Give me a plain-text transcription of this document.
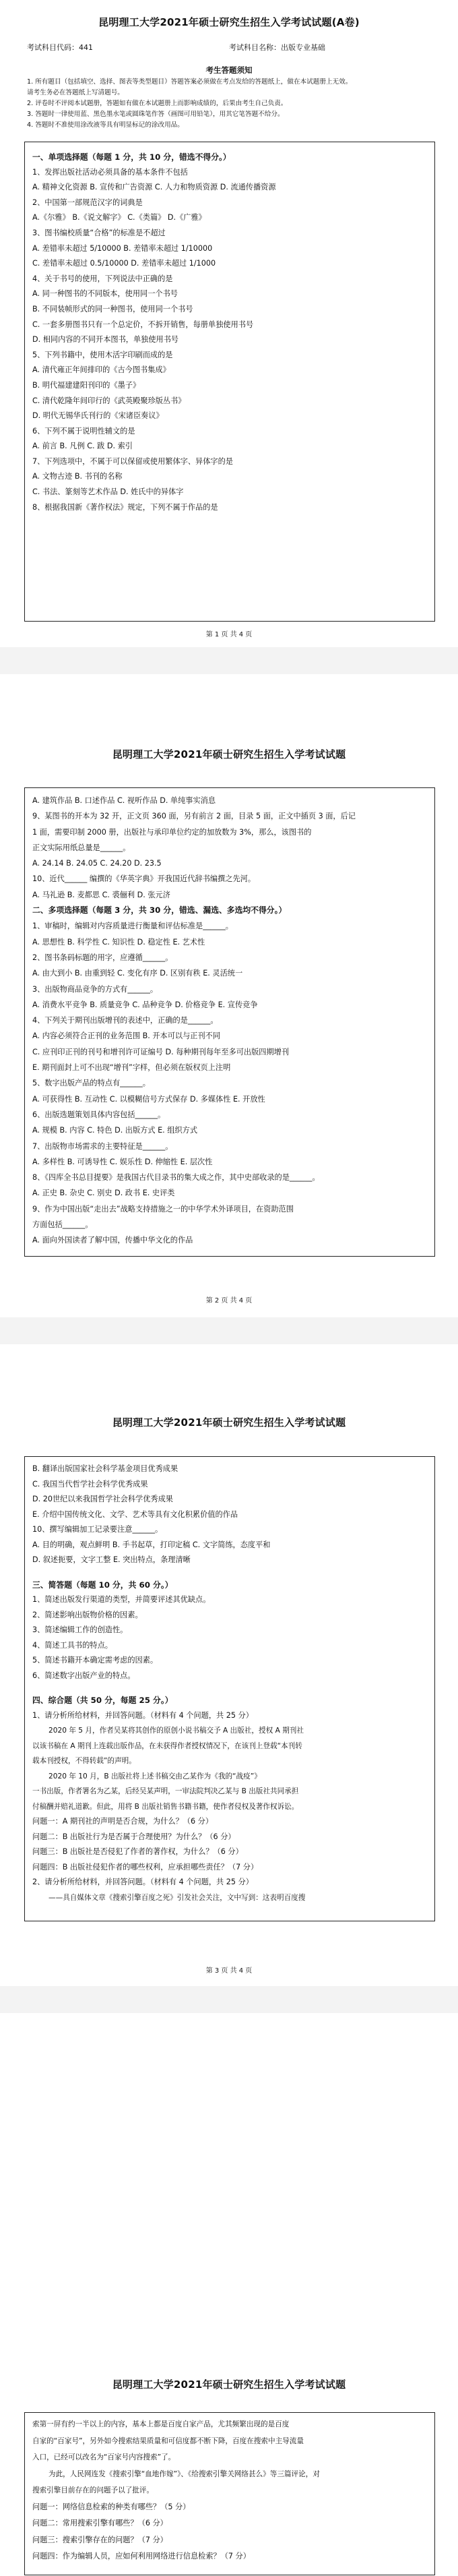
昆明理工大学2021年硕士研究生招生入学考试试题(A卷)
考试科目代码：441	考试科目名称：出版专业基础
考生答题须知
1. 所有题目（包括填空、选择、图表等类型题目）答题答案必须做在考点发给的答题纸上，做在本试题册上无效。
请考生务必在答题纸上写清题号。
2. 评卷时不评阅本试题册，答题如有做在本试题册上而影响成绩的，后果由考生自己负责。
3. 答题时一律使用蓝、黑色墨水笔或圆珠笔作答（画图可用铅笔），用其它笔答题不给分。
4. 答题时不准使用涂改液等具有明显标记的涂改用品。
一、单项选择题（每题 1 分，共 10 分，错选不得分。）
1、发挥出版社活动必须具备的基本条件不包括
A. 精神文化资源 B. 宣传和广告资源 C. 人力和物质资源 D. 流通传播资源
2、中国第一部规范汉字的词典是
A.《尔雅》 B.《说文解字》 C.《类篇》 D.《广雅》
3、图书编校质量“合格”的标准是不超过
A. 差错率未超过 5/10000 B. 差错率未超过 1/10000
C. 差错率未超过 0.5/10000 D. 差错率未超过 1/1000
4、关于书号的使用，下列说法中正确的是
A. 同一种图书的不同版本，使用同一个书号
B. 不同装帧形式的同一种图书，使用同一个书号
C. 一套多册图书只有一个总定价，不拆开销售，每册单独使用书号
D. 相同内容的不同开本图书，单独使用书号
5、下列书籍中，使用木活字印刷而成的是
A. 清代雍正年间排印的《古今图书集成》
B. 明代福建建阳刊印的《墨子》
C. 清代乾隆年间印行的《武英殿聚珍版丛书》
D. 明代无锡华氏刊行的《宋诸臣奏议》
6、下列不属于说明性辅文的是
A. 前言 B. 凡例 C. 跋 D. 索引
7、下列选项中，不属于可以保留或使用繁体字、异体字的是
A. 文物古迹 B. 书刊的名称
C. 书法、篆刻等艺术作品 D. 姓氏中的异体字
8、根据我国新《著作权法》规定，下列不属于作品的是
第 1 页 共 4 页
昆明理工大学2021年硕士研究生招生入学考试试题
A. 建筑作品 B. 口述作品 C. 视听作品 D. 单纯事实消息
9、某图书的开本为 32 开，正文页 360 面，另有前言 2 面，目录 5 面，正文中插页 3 面，后记
1 面，需要印制 2000 册，出版社与承印单位约定的加放数为 3%，那么，该图书的
正文实际用纸总量是______。
A. 24.14 B. 24.05 C. 24.20 D. 23.5
10、近代______ 编撰的《华英字典》开我国近代辞书编撰之先河。
A. 马礼逊 B. 麦都思 C. 裘俪利 D. 张元济
二、多项选择题（每题 3 分，共 30 分，错选、漏选、多选均不得分。）
1、审稿时，编辑对内容质量进行衡量和评估标准是______。
A. 思想性 B. 科学性 C. 知识性 D. 稳定性 E. 艺术性
2、图书条码标题的用字，应遵循______。
A. 由大到小 B. 由重到轻 C. 变化有序 D. 区别有秩 E. 灵活统一
3、出版物商品竞争的方式有______。
A. 消费水平竞争 B. 质量竞争 C. 品种竞争 D. 价格竞争 E. 宣传竞争
4、下列关于期刊出版增刊的表述中，正确的是______。
A. 内容必须符合正刊的业务范围 B. 开本可以与正刊不同
C. 应刊印正刊的刊号和增刊许可证编号 D. 每种期刊每年至多可出版四期增刊
E. 期刊面封上可不出现“增刊”字样，但必须在版权页上注明
5、数字出版产品的特点有______。
A. 可获得性 B. 互动性 C. 以模糊信号方式保存 D. 多媒体性 E. 开放性
6、出版选题策划具体内容包括______。
A. 规模 B. 内容 C. 特色 D. 出版方式 E. 组织方式
7、出版物市场需求的主要特征是______。
A. 多样性 B. 可诱导性 C. 娱乐性 D. 伸缩性 E. 层次性
8、《四库全书总目提要》是我国古代目录书的集大成之作，其中史部收录的是______。
A. 正史 B. 杂史 C. 别史 D. 政书 E. 史评类
9、作为中国出版“走出去”战略支持措施之一的中华学术外译项目，在资助范围
方面包括______。
A. 面向外国读者了解中国，传播中华文化的作品
第 2 页 共 4 页
昆明理工大学2021年硕士研究生招生入学考试试题
B. 翻译出版国家社会科学基金项目优秀成果
C. 我国当代哲学社会科学优秀成果
D. 20世纪以来我国哲学社会科学优秀成果
E. 介绍中国传统文化、文学、艺术等具有文化积累价值的作品
10、撰写编辑加工记录要注意______。
A. 目的明确，观点鲜明 B. 手书起草，打印定稿 C. 文字简练，态度平和
D. 叙述扼要，文字工整 E. 突出特点，条理清晰
三、简答题（每题 10 分，共 60 分。）
1、简述出版发行渠道的类型，并简要评述其优缺点。
2、简述影响出版物价格的因素。
3、简述编辑工作的创造性。
4、简述工具书的特点。
5、简述书籍开本确定需考虑的因素。
6、简述数字出版产业的特点。
四、综合题（共 50 分，每题 25 分。）
1、请分析所给材料，并回答问题。（材料有 4 个问题，共 25 分）
2020 年 5 月，作者吴某将其创作的原创小说书稿交予 A 出版社，授权 A 期刊社
以该书稿在 A 期刊上连载出版作品，在未获得作者授权情况下，在该刊上登载“本刊转
载本刊授权，不得转载”的声明。
2020 年 10 月，B 出版社将上述书稿交由乙某作为《我的“战疫”》
一书出版，作者署名为乙某，后经吴某声明，一审法院判决乙某与 B 出版社共同承担
付稿酬并赔礼道歉。但此，用将 B 出版社销售书籍书籍，使作者侵权及著作权诉讼。
问题一：A 期刊社的声明是否合规，为什么？（6 分）
问题二：B 出版社行为是否属于合理使用？为什么？（6 分）
问题三：B 出版社是否侵犯了作者的著作权，为什么？（6 分）
问题四：B 出版社侵犯作者的哪些权利，应承担哪些责任？（7 分）
2、请分析所给材料，并回答问题。（材料有 4 个问题，共 25 分）
——具自媒体文章《搜索引擎百度之死》引发社会关注，文中写到：这表明百度搜
第 3 页 共 4 页
昆明理工大学2021年硕士研究生招生入学考试试题
索第一屏有约一半以上的内容，基本上都是百度自家产品，尤其频繁出现的是百度
自家的“百家号”，另外如今搜索结果质量和可信度都不断下降，百度在搜索中主导流量
入口，已经可以改名为“百家号内容搜索”了。
为此，人民网连发《搜索引擎“血地作嫁”》、《给搜索引擎关网络甚么》等三篇评论，对
搜索引擎目前存在的问题予以了批评。
问题一：网络信息检索的种类有哪些？（5 分）
问题二：常用搜索引擎有哪些？（6 分）
问题三：搜索引擎存在的问题？（7 分）
问题四：作为编辑人员，应如何利用网络进行信息检索？（7 分）
